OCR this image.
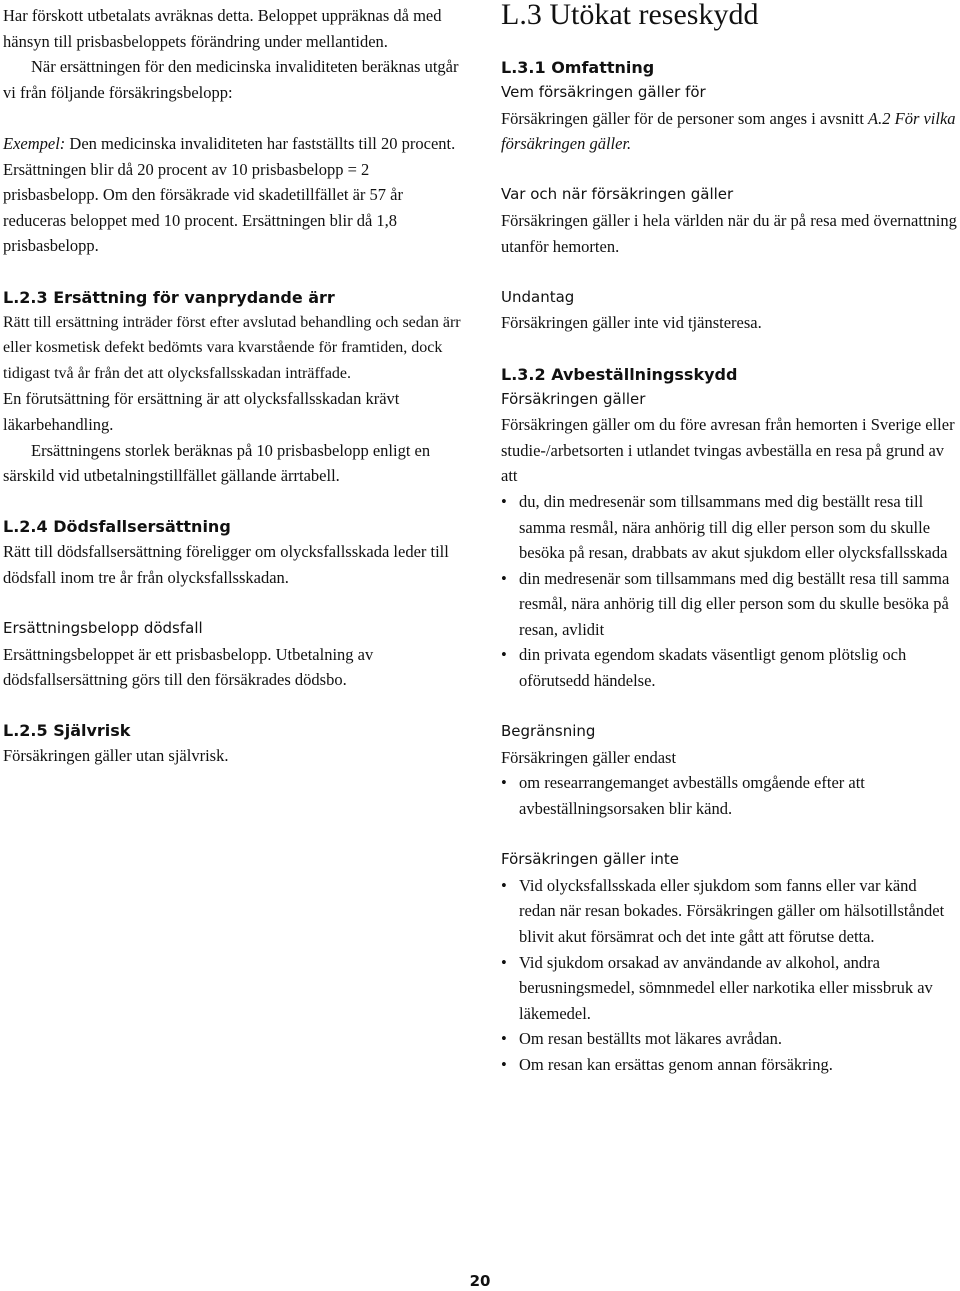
Har förskott utbetalats avräknas detta. Beloppet uppräknas då med hänsyn till prisbasbeloppets förändring under mellantiden.

När ersättningen för den medicinska invaliditeten beräknas utgår vi från följande försäkringsbelopp:

Exempel: Den medicinska invaliditeten har fastställts till 20 procent. Ersättningen blir då 20 procent av 10 prisbasbelopp = 2 prisbasbelopp. Om den försäkrade vid skadetillfället är 57 år reduceras beloppet med 10 procent. Ersättningen blir då 1,8 prisbasbelopp.

L.2.3 Ersättning för vanprydande ärr

Rätt till ersättning inträder först efter avslutad behandling och sedan ärr eller kosmetisk defekt bedömts vara kvarstående för framtiden, dock tidigast två år från det att olycksfallsskadan inträffade.

En förutsättning för ersättning är att olycksfallsskadan krävt läkarbehandling.

Ersättningens storlek beräknas på 10 prisbasbelopp enligt en särskild vid utbetalningstillfället gällande ärrtabell.

L.2.4 Dödsfallsersättning

Rätt till dödsfallsersättning föreligger om olycksfallsskada leder till dödsfall inom tre år från olycksfallsskadan.

Ersättningsbelopp dödsfall

Ersättningsbeloppet är ett prisbasbelopp. Utbetalning av dödsfallsersättning görs till den försäkrades dödsbo.

L.2.5 Självrisk

Försäkringen gäller utan självrisk.

L.3 Utökat reseskydd

L.3.1 Omfattning

Vem försäkringen gäller för

Försäkringen gäller för de personer som anges i avsnitt A.2 För vilka försäkringen gäller.

Var och när försäkringen gäller

Försäkringen gäller i hela världen när du är på resa med övernattning utanför hemorten.

Undantag

Försäkringen gäller inte vid tjänsteresa.

L.3.2 Avbeställningsskydd

Försäkringen gäller

Försäkringen gäller om du före avresan från hemorten i Sverige eller studie-/arbetsorten i utlandet tvingas avbeställa en resa på grund av att

• du, din medresenär som tillsammans med dig beställt resa till samma resmål, nära anhörig till dig eller person som du skulle besöka på resan, drabbats av akut sjukdom eller olycksfallsskada
• din medresenär som tillsammans med dig beställt resa till samma resmål, nära anhörig till dig eller person som du skulle besöka på resan, avlidit
• din privata egendom skadats väsentligt genom plötslig och oförutsedd händelse.

Begränsning

Försäkringen gäller endast

• om researrangemanget avbeställs omgående efter att avbeställningsorsaken blir känd.

Försäkringen gäller inte

• Vid olycksfallsskada eller sjukdom som fanns eller var känd redan när resan bokades. Försäkringen gäller om hälsotillståndet blivit akut försämrat och det inte gått att förutse detta.
• Vid sjukdom orsakad av användande av alkohol, andra berusningsmedel, sömnmedel eller narkotika eller missbruk av läkemedel.
• Om resan beställts mot läkares avrådan.
• Om resan kan ersättas genom annan försäkring.
20
